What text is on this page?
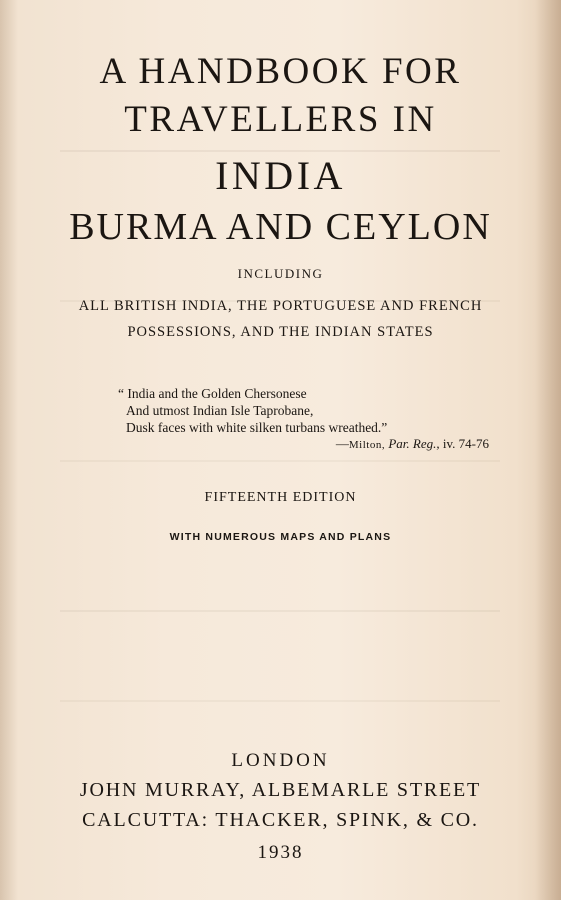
A HANDBOOK FOR
TRAVELLERS IN
INDIA
BURMA AND CEYLON
INCLUDING
ALL BRITISH INDIA, THE PORTUGUESE AND FRENCH
POSSESSIONS, AND THE INDIAN STATES
“ India and the Golden Chersonese
And utmost Indian Isle Taprobane,
Dusk faces with white silken turbans wreathed.”
—Milton, Par. Reg., iv. 74-76
FIFTEENTH EDITION
WITH NUMEROUS MAPS AND PLANS
LONDON
JOHN MURRAY, ALBEMARLE STREET
CALCUTTA: THACKER, SPINK, & CO.
1938
